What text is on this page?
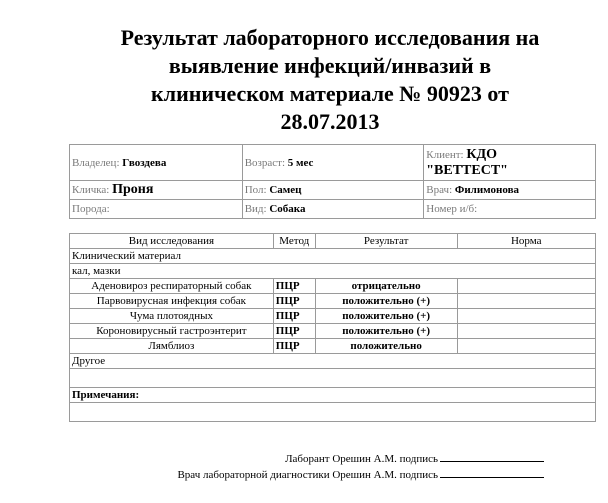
Результат лабораторного исследования на
выявление инфекций/инвазий в
клиническом материале № 90923 от
28.07.2013
Владелец: Гвоздева	Возраст: 5 мес	Клиент: КДО
"ВЕТТЕСТ"
Кличка: Проня	Пол: Самец	Врач: Филимонова
Порода:	Вид: Собака	Номер и/б:
Вид исследования	Метод	Результат	Норма
Клинический материал			
кал, мазки			
Аденовироз респираторный собак	ПЦР	отрицательно	
Парвовирусная инфекция собак	ПЦР	положительно (+)	
Чума плотоядных	ПЦР	положительно (+)	
Короновирусный гастроэнтерит	ПЦР	положительно (+)	
Лямблиоз	ПЦР	положительно	
Другое			

Примечания:			

Лаборант Орешин А.М. подпись
Врач лабораторной диагностики Орешин А.М. подпись
